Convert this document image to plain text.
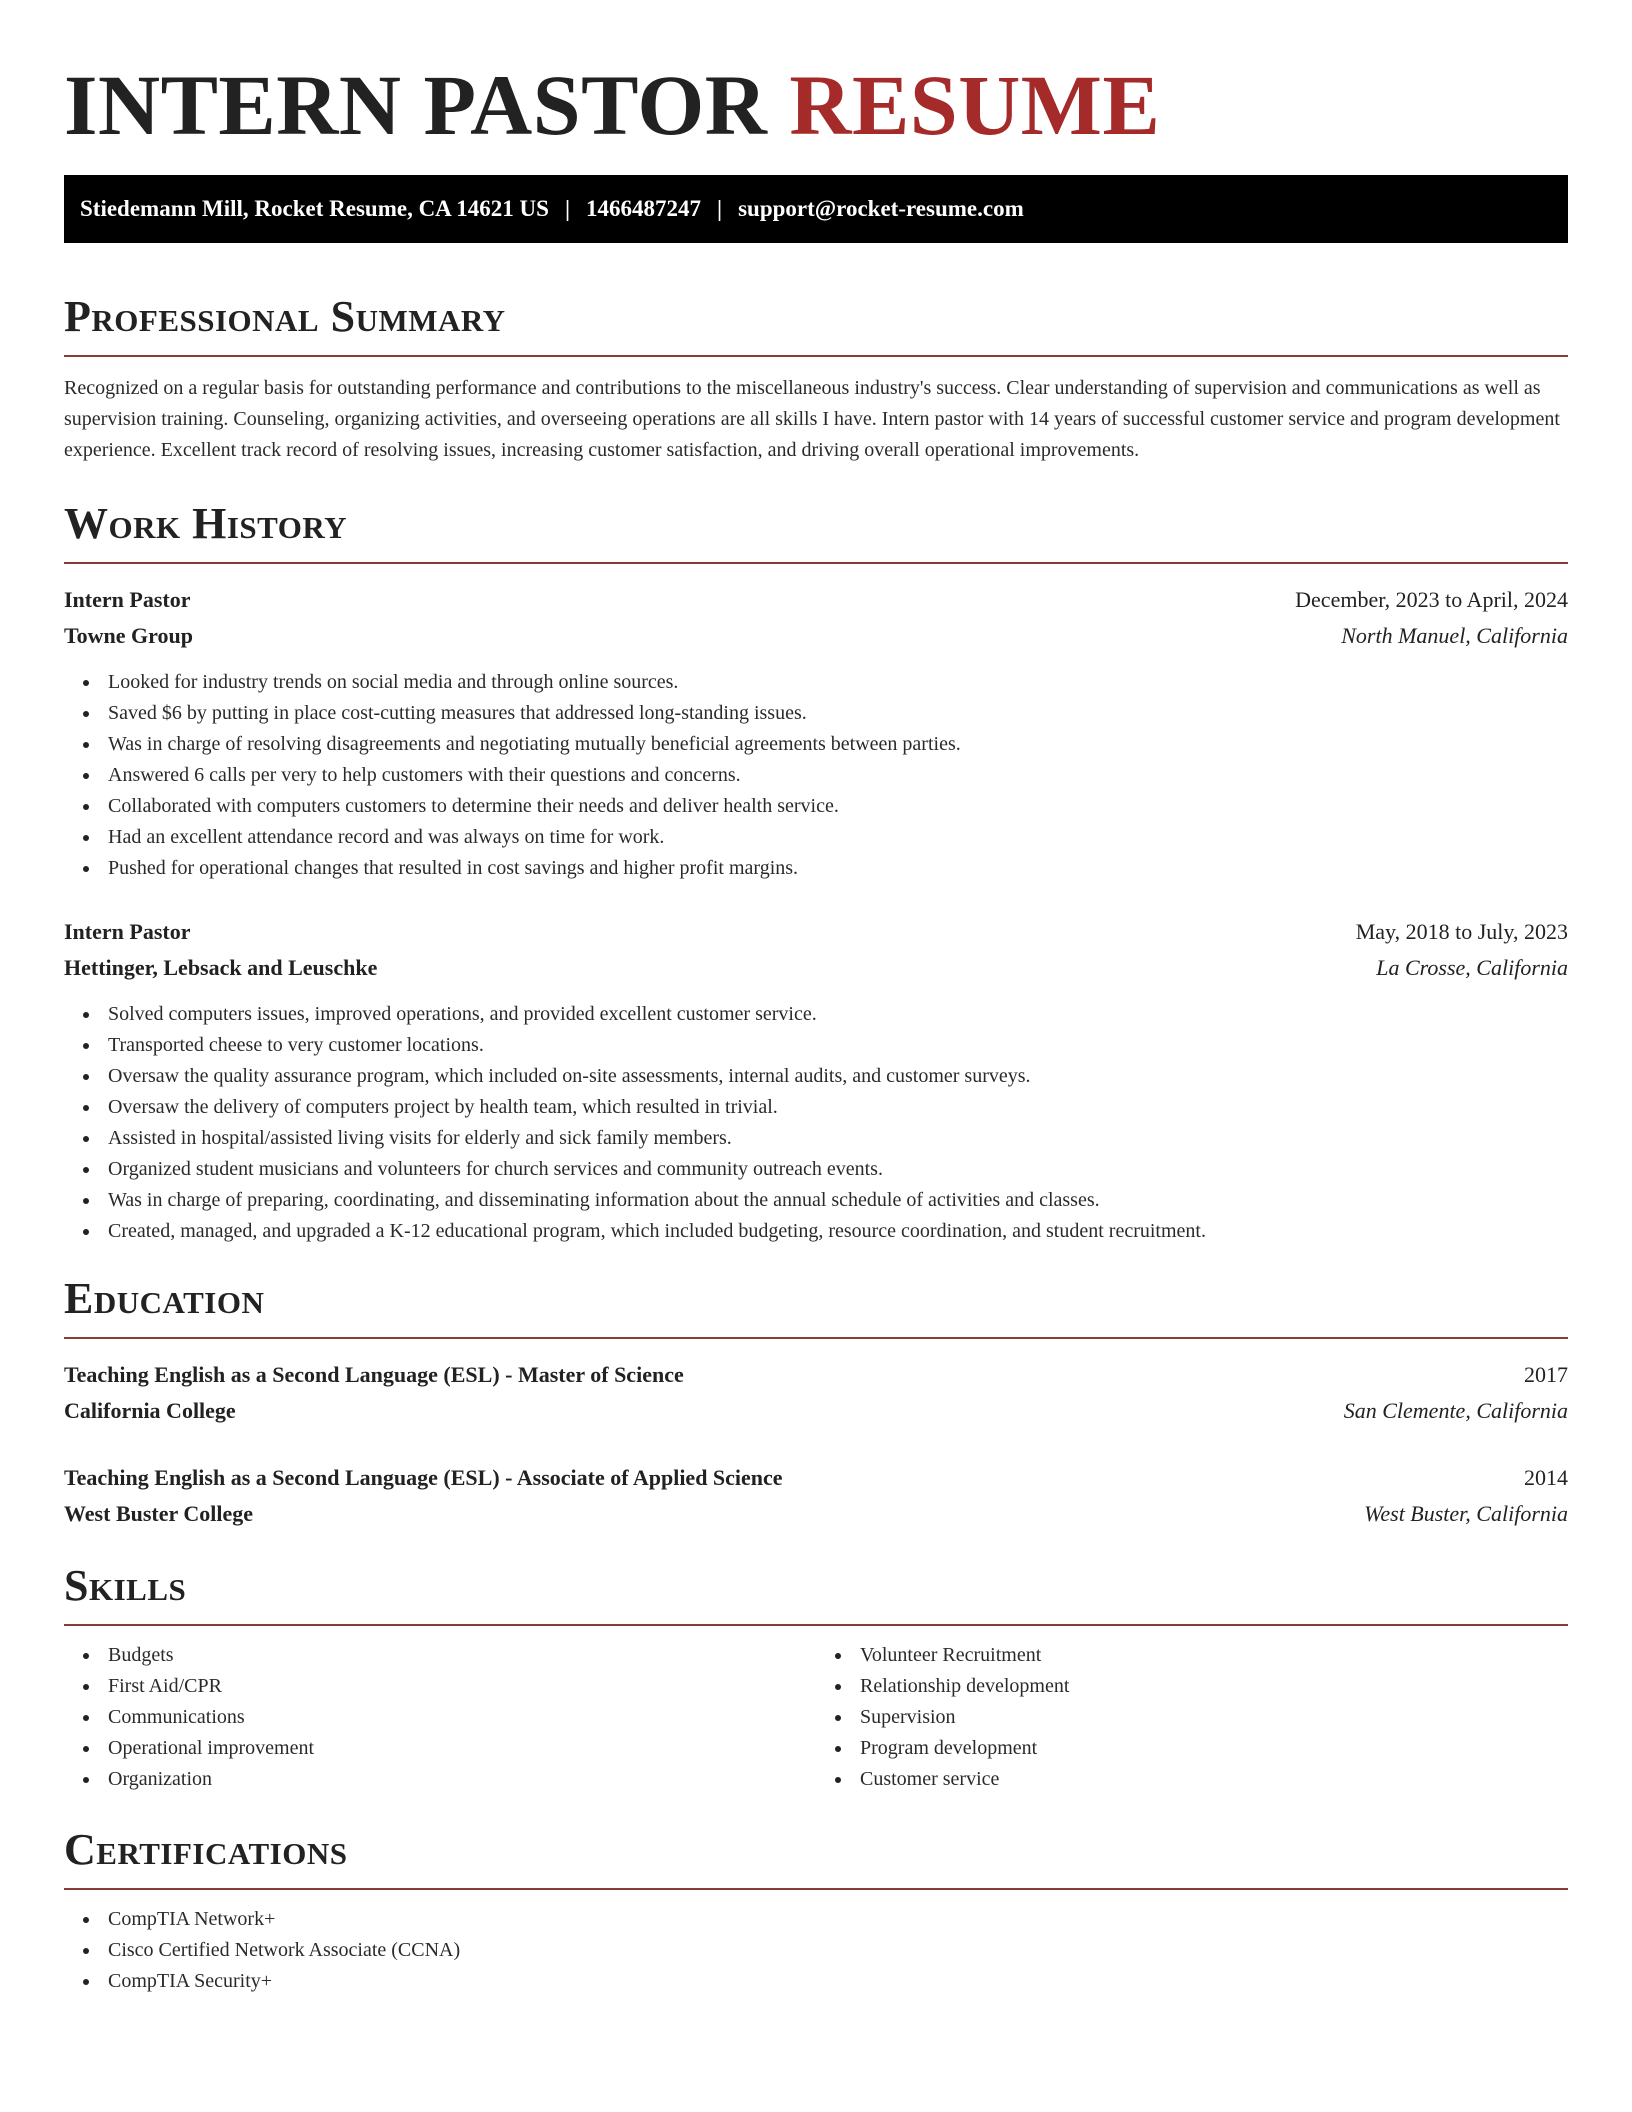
INTERN PASTOR RESUME
Stiedemann Mill, Rocket Resume, CA 14621 US | 1466487247 | support@rocket-resume.com
Professional Summary

Recognized on a regular basis for outstanding performance and contributions to the miscellaneous industry's success. Clear understanding of supervision and communications as well as supervision training. Counseling, organizing activities, and overseeing operations are all skills I have. Intern pastor with 14 years of successful customer service and program development experience. Excellent track record of resolving issues, increasing customer satisfaction, and driving overall operational improvements.

Work History
Intern Pastor	December, 2023 to April, 2024
Towne Group	North Manuel, California
Looked for industry trends on social media and through online sources.
Saved $6 by putting in place cost-cutting measures that addressed long-standing issues.
Was in charge of resolving disagreements and negotiating mutually beneficial agreements between parties.
Answered 6 calls per very to help customers with their questions and concerns.
Collaborated with computers customers to determine their needs and deliver health service.
Had an excellent attendance record and was always on time for work.
Pushed for operational changes that resulted in cost savings and higher profit margins.
Intern Pastor	May, 2018 to July, 2023
Hettinger, Lebsack and Leuschke	La Crosse, California
Solved computers issues, improved operations, and provided excellent customer service.
Transported cheese to very customer locations.
Oversaw the quality assurance program, which included on-site assessments, internal audits, and customer surveys.
Oversaw the delivery of computers project by health team, which resulted in trivial.
Assisted in hospital/assisted living visits for elderly and sick family members.
Organized student musicians and volunteers for church services and community outreach events.
Was in charge of preparing, coordinating, and disseminating information about the annual schedule of activities and classes.
Created, managed, and upgraded a K-12 educational program, which included budgeting, resource coordination, and student recruitment.
Education
Teaching English as a Second Language (ESL) - Master of Science	2017
California College	San Clemente, California
Teaching English as a Second Language (ESL) - Associate of Applied Science	2014
West Buster College	West Buster, California
Skills
Budgets
First Aid/CPR
Communications
Operational improvement
Organization
Volunteer Recruitment
Relationship development
Supervision
Program development
Customer service
Certifications
CompTIA Network+
Cisco Certified Network Associate (CCNA)
CompTIA Security+
